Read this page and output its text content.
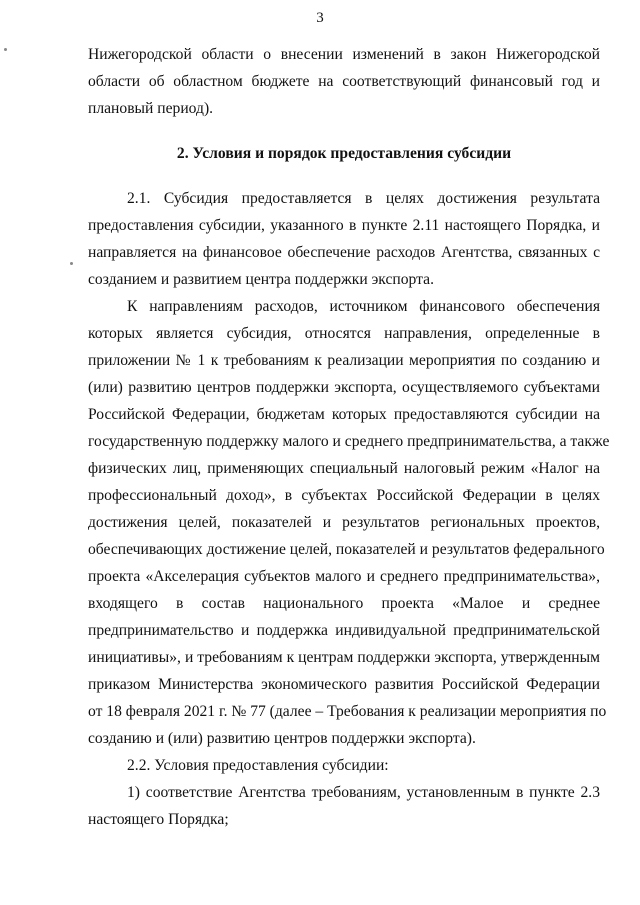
3
Нижегородской области о внесении изменений в закон Нижегородской
области об областном бюджете на соответствующий финансовый год и
плановый период).
2. Условия и порядок предоставления субсидии
2.1. Субсидия предоставляется в целях достижения результата
предоставления субсидии, указанного в пункте 2.11 настоящего Порядка, и
направляется на финансовое обеспечение расходов Агентства, связанных с
созданием и развитием центра поддержки экспорта.
К направлениям расходов, источником финансового обеспечения
которых является субсидия, относятся направления, определенные в
приложении № 1 к требованиям к реализации мероприятия по созданию и
(или) развитию центров поддержки экспорта, осуществляемого субъектами
Российской Федерации, бюджетам которых предоставляются субсидии на
государственную поддержку малого и среднего предпринимательства, а также
физических лиц, применяющих специальный налоговый режим «Налог на
профессиональный доход», в субъектах Российской Федерации в целях
достижения целей, показателей и результатов региональных проектов,
обеспечивающих достижение целей, показателей и результатов федерального
проекта «Акселерация субъектов малого и среднего предпринимательства»,
входящего в состав национального проекта «Малое и среднее
предпринимательство и поддержка индивидуальной предпринимательской
инициативы», и требованиям к центрам поддержки экспорта, утвержденным
приказом Министерства экономического развития Российской Федерации
от 18 февраля 2021 г. № 77 (далее – Требования к реализации мероприятия по
созданию и (или) развитию центров поддержки экспорта).
2.2. Условия предоставления субсидии:
1) соответствие Агентства требованиям, установленным в пункте 2.3
настоящего Порядка;
